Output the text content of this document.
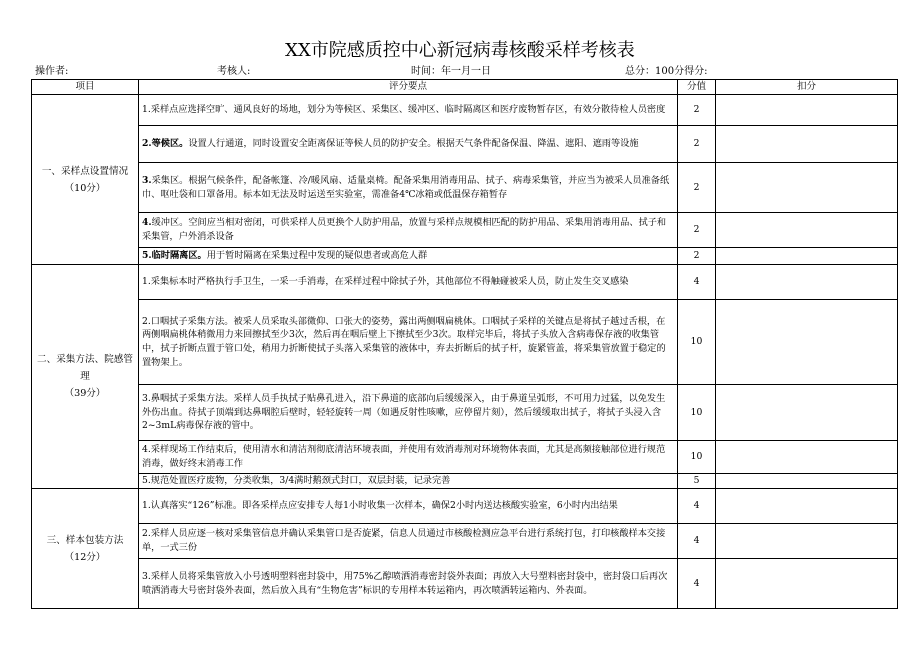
XX市院感质控中心新冠病毒核酸采样考核表
操作者:	考核人:	时间：年一月一日	总分：100分得分:
项目	评分要点	分值	扣分

一、采样点设置情况
（10分）	1.采样点应选择空旷、通风良好的场地，划分为等候区、采集区、缓冲区、临时隔离区和医疗废物暂存区，有效分散待检人员密度	2	
	2.等候区。设置人行通道，同时设置安全距离保证等候人员的防护安全。根据天气条件配备保温、降温、遮阳、遮雨等设施	2	
	3.采集区。根据气候条件，配备帐篷、冷/暖风扇、适量桌椅。配备采集用消毒用品、拭子、病毒采集管，并应当为被采人员准备纸巾、呕吐袋和口罩备用。标本如无法及时运送至实验室，需准备4℃冰箱或低温保存箱暂存	2	
	4.缓冲区。空间应当相对密闭，可供采样人员更换个人防护用品，放置与采样点规模相匹配的防护用品、采集用消毒用品、拭子和采集管，户外消杀设备	2	
	5.临时隔离区。用于暂时隔离在采集过程中发现的疑似患者或高危人群	2	

二、采集方法、院感管理
（39分）	1.采集标本时严格执行手卫生，一采一手消毒，在采样过程中除拭子外，其他部位不得触碰被采人员，防止发生交叉感染	4	
	2.口咽拭子采集方法。被采人员采取头部微仰、口张大的姿势，露出两侧咽扁桃体。口咽拭子采样的关键点是将拭子越过舌根，在两侧咽扁桃体稍微用力来回擦拭至少3次，然后再在咽后壁上下擦拭至少3次。取样完毕后，将拭子头放入含病毒保存液的收集管中，拭子折断点置于管口处，稍用力折断使拭子头落入采集管的液体中，弃去折断后的拭子杆，旋紧管盖，将采集管放置于稳定的置物架上。	10	
	3.鼻咽拭子采集方法。采样人员手执拭子贴鼻孔进入，沿下鼻道的底部向后缓缓深入，由于鼻道呈弧形，不可用力过猛，以免发生外伤出血。待拭子顶端到达鼻咽腔后壁时，轻轻旋转一周（如遇反射性咳嗽，应停留片刻），然后缓缓取出拭子，将拭子头浸入含2~3mL病毒保存液的管中。	10	
	4.采样现场工作结束后，使用清水和清洁剂彻底清洁环境表面，并使用有效消毒剂对环境物体表面，尤其是高频接触部位进行规范消毒，做好终末消毒工作	10	
	5.规范处置医疗废物，分类收集，3/4满时鹅颈式封口，双层封装，记录完善	5	

三、样本包装方法
（12分）	1.认真落实“126”标准。即各采样点应安排专人每1小时收集一次样本，确保2小时内送达核酸实验室，6小时内出结果	4	
	2.采样人员应逐一核对采集管信息并确认采集管口是否旋紧，信息人员通过市核酸检测应急平台进行系统打包，打印核酸样本交接单，一式三份	4	
	3.采样人员将采集管放入小号透明塑料密封袋中，用75%乙醇喷洒消毒密封袋外表面；再放入大号塑料密封袋中，密封袋口后再次喷洒消毒大号密封袋外表面，然后放入具有“生物危害”标识的专用样本转运箱内，再次喷洒转运箱内、外表面。	4	
